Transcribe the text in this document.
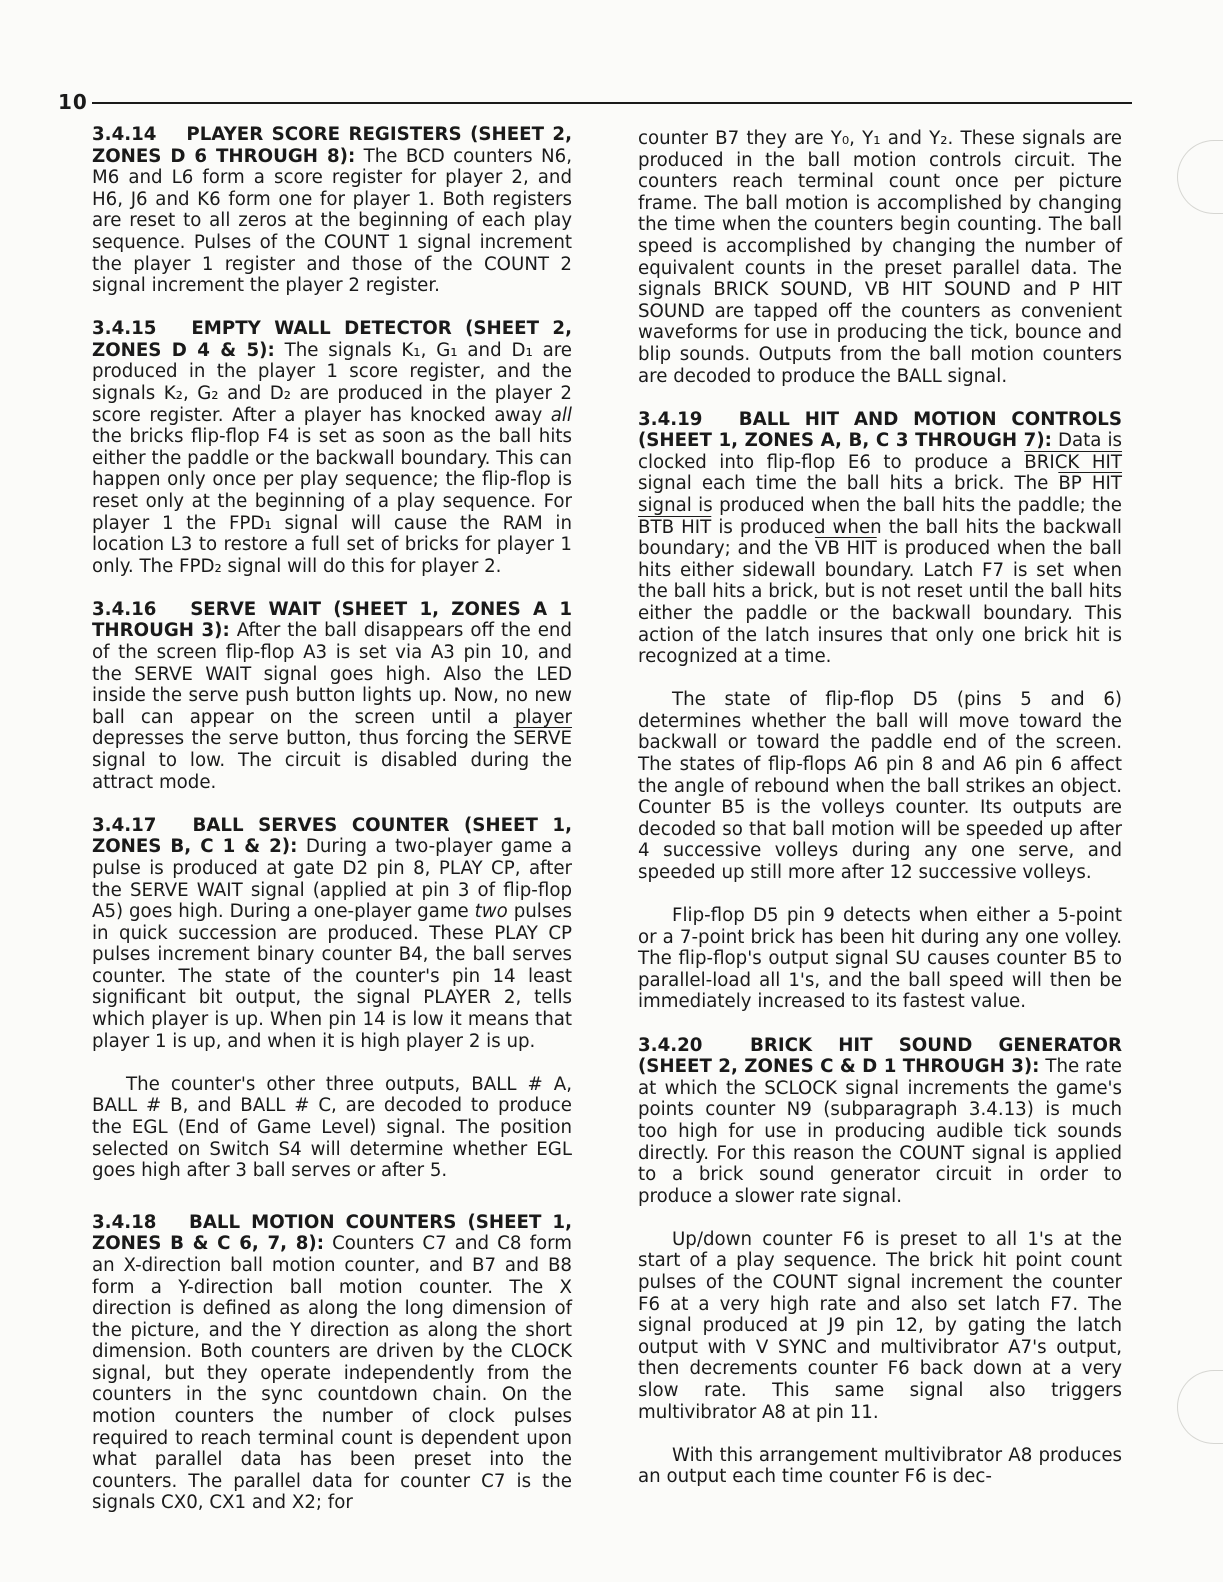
10

3.4.14 PLAYER SCORE REGISTERS (SHEET 2, ZONES D 6 THROUGH 8): The BCD counters N6, M6 and L6 form a score register for player 2, and H6, J6 and K6 form one for player 1. Both registers are reset to all zeros at the beginning of each play sequence. Pulses of the COUNT 1 signal increment the player 1 register and those of the COUNT 2 signal increment the player 2 register.

3.4.15 EMPTY WALL DETECTOR (SHEET 2, ZONES D 4 & 5): The signals K₁, G₁ and D₁ are produced in the player 1 score register, and the signals K₂, G₂ and D₂ are produced in the player 2 score register. After a player has knocked away all the bricks flip-flop F4 is set as soon as the ball hits either the paddle or the backwall boundary. This can happen only once per play sequence; the flip-flop is reset only at the beginning of a play sequence. For player 1 the FPD₁ signal will cause the RAM in location L3 to restore a full set of bricks for player 1 only. The FPD₂ signal will do this for player 2.

3.4.16 SERVE WAIT (SHEET 1, ZONES A 1 THROUGH 3): After the ball disappears off the end of the screen flip-flop A3 is set via A3 pin 10, and the SERVE WAIT signal goes high. Also the LED inside the serve push button lights up. Now, no new ball can appear on the screen until a player depresses the serve button, thus forcing the SERVE signal to low. The circuit is disabled during the attract mode.

3.4.17 BALL SERVES COUNTER (SHEET 1, ZONES B, C 1 & 2): During a two-player game a pulse is produced at gate D2 pin 8, PLAY CP, after the SERVE WAIT signal (applied at pin 3 of flip-flop A5) goes high. During a one-player game two pulses in quick succession are produced. These PLAY CP pulses increment binary counter B4, the ball serves counter. The state of the counter's pin 14 least significant bit output, the signal PLAYER 2, tells which player is up. When pin 14 is low it means that player 1 is up, and when it is high player 2 is up.

The counter's other three outputs, BALL # A, BALL # B, and BALL # C, are decoded to produce the EGL (End of Game Level) signal. The position selected on Switch S4 will determine whether EGL goes high after 3 ball serves or after 5.

3.4.18 BALL MOTION COUNTERS (SHEET 1, ZONES B & C 6, 7, 8): Counters C7 and C8 form an X-direction ball motion counter, and B7 and B8 form a Y-direction ball motion counter. The X direction is defined as along the long dimension of the picture, and the Y direction as along the short dimension. Both counters are driven by the CLOCK signal, but they operate independently from the counters in the sync countdown chain. On the motion counters the number of clock pulses required to reach terminal count is dependent upon what parallel data has been preset into the counters. The parallel data for counter C7 is the signals CX0, CX1 and X2; for

counter B7 they are Y₀, Y₁ and Y₂. These signals are produced in the ball motion controls circuit. The counters reach terminal count once per picture frame. The ball motion is accomplished by changing the time when the counters begin counting. The ball speed is accomplished by changing the number of equivalent counts in the preset parallel data. The signals BRICK SOUND, VB HIT SOUND and P HIT SOUND are tapped off the counters as convenient waveforms for use in producing the tick, bounce and blip sounds. Outputs from the ball motion counters are decoded to produce the BALL signal.

3.4.19 BALL HIT AND MOTION CONTROLS (SHEET 1, ZONES A, B, C 3 THROUGH 7): Data is clocked into flip-flop E6 to produce a BRICK HIT signal each time the ball hits a brick. The BP HIT signal is produced when the ball hits the paddle; the BTB HIT is produced when the ball hits the backwall boundary; and the VB HIT is produced when the ball hits either sidewall boundary. Latch F7 is set when the ball hits a brick, but is not reset until the ball hits either the paddle or the backwall boundary. This action of the latch insures that only one brick hit is recognized at a time.

The state of flip-flop D5 (pins 5 and 6) determines whether the ball will move toward the backwall or toward the paddle end of the screen. The states of flip-flops A6 pin 8 and A6 pin 6 affect the angle of rebound when the ball strikes an object. Counter B5 is the volleys counter. Its outputs are decoded so that ball motion will be speeded up after 4 successive volleys during any one serve, and speeded up still more after 12 successive volleys.

Flip-flop D5 pin 9 detects when either a 5-point or a 7-point brick has been hit during any one volley. The flip-flop's output signal SU causes counter B5 to parallel-load all 1's, and the ball speed will then be immediately increased to its fastest value.

3.4.20	BRICK HIT SOUND GENERATOR (SHEET 2, ZONES C & D 1 THROUGH 3): The rate at which the SCLOCK signal increments the game's points counter N9 (subparagraph 3.4.13) is much too high for use in producing audible tick sounds directly. For this reason the COUNT signal is applied to a brick sound generator circuit in order to produce a slower rate signal.

Up/down counter F6 is preset to all 1's at the start of a play sequence. The brick hit point count pulses of the COUNT signal increment the counter F6 at a very high rate and also set latch F7. The signal produced at J9 pin 12, by gating the latch output with V SYNC and multivibrator A7's output, then decrements counter F6 back down at a very slow rate. This same signal also triggers multivibrator A8 at pin 11.

With this arrangement multivibrator A8 produces an output each time counter F6 is dec-
